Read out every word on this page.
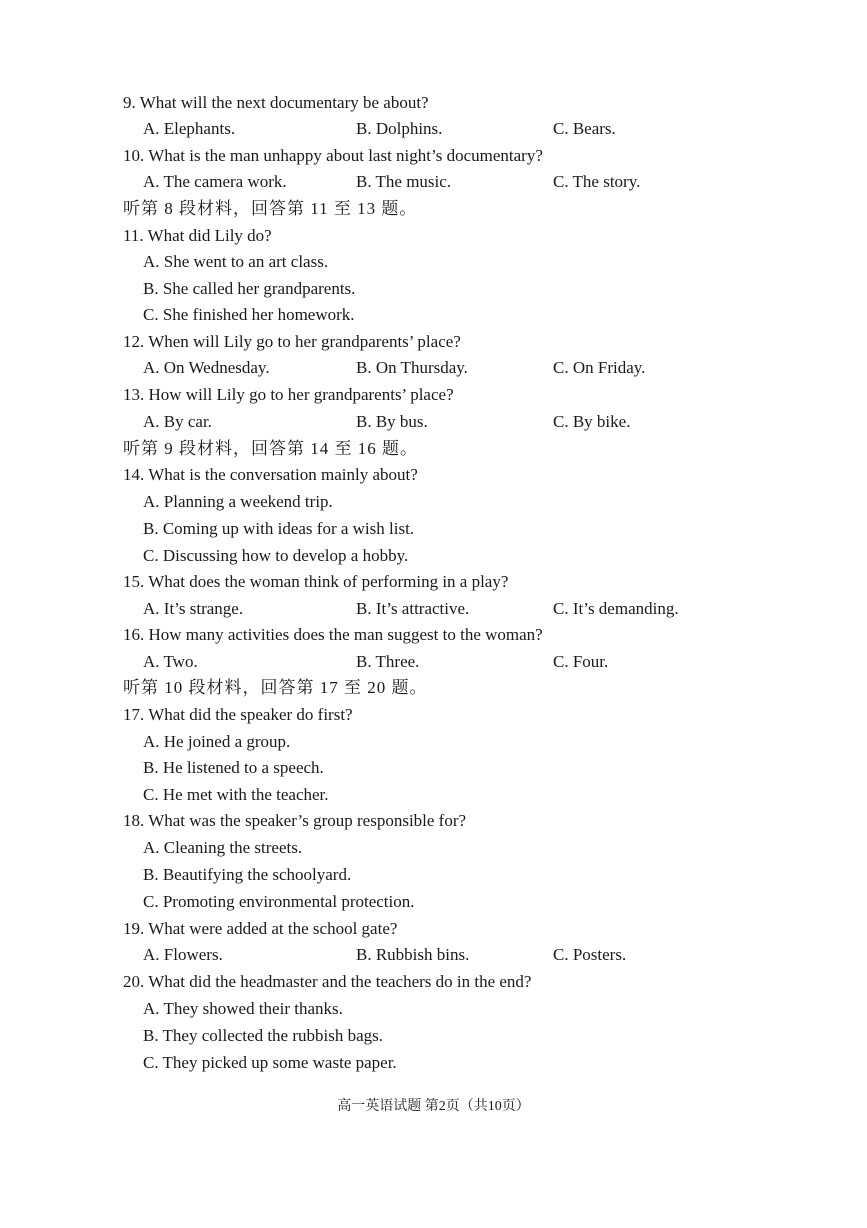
9. What will the next documentary be about?
A. Elephants.	B. Dolphins.	C. Bears.
10. What is the man unhappy about last night’s documentary?
A. The camera work.	B. The music.	C. The story.
听第 8 段材料，回答第 11 至 13 题。
11. What did Lily do?
A. She went to an art class.
B. She called her grandparents.
C. She finished her homework.
12. When will Lily go to her grandparents’ place?
A. On Wednesday.	B. On Thursday.	C. On Friday.
13. How will Lily go to her grandparents’ place?
A. By car.	B. By bus.	C. By bike.
听第 9 段材料，回答第 14 至 16 题。
14. What is the conversation mainly about?
A. Planning a weekend trip.
B. Coming up with ideas for a wish list.
C. Discussing how to develop a hobby.
15. What does the woman think of performing in a play?
A. It’s strange.	B. It’s attractive.	C. It’s demanding.
16. How many activities does the man suggest to the woman?
A. Two.	B. Three.	C. Four.
听第 10 段材料，回答第 17 至 20 题。
17. What did the speaker do first?
A. He joined a group.
B. He listened to a speech.
C. He met with the teacher.
18. What was the speaker’s group responsible for?
A. Cleaning the streets.
B. Beautifying the schoolyard.
C. Promoting environmental protection.
19. What were added at the school gate?
A. Flowers.	B. Rubbish bins.	C. Posters.
20. What did the headmaster and the teachers do in the end?
A. They showed their thanks.
B. They collected the rubbish bags.
C. They picked up some waste paper.
高一英语试题 第2页（共10页）
